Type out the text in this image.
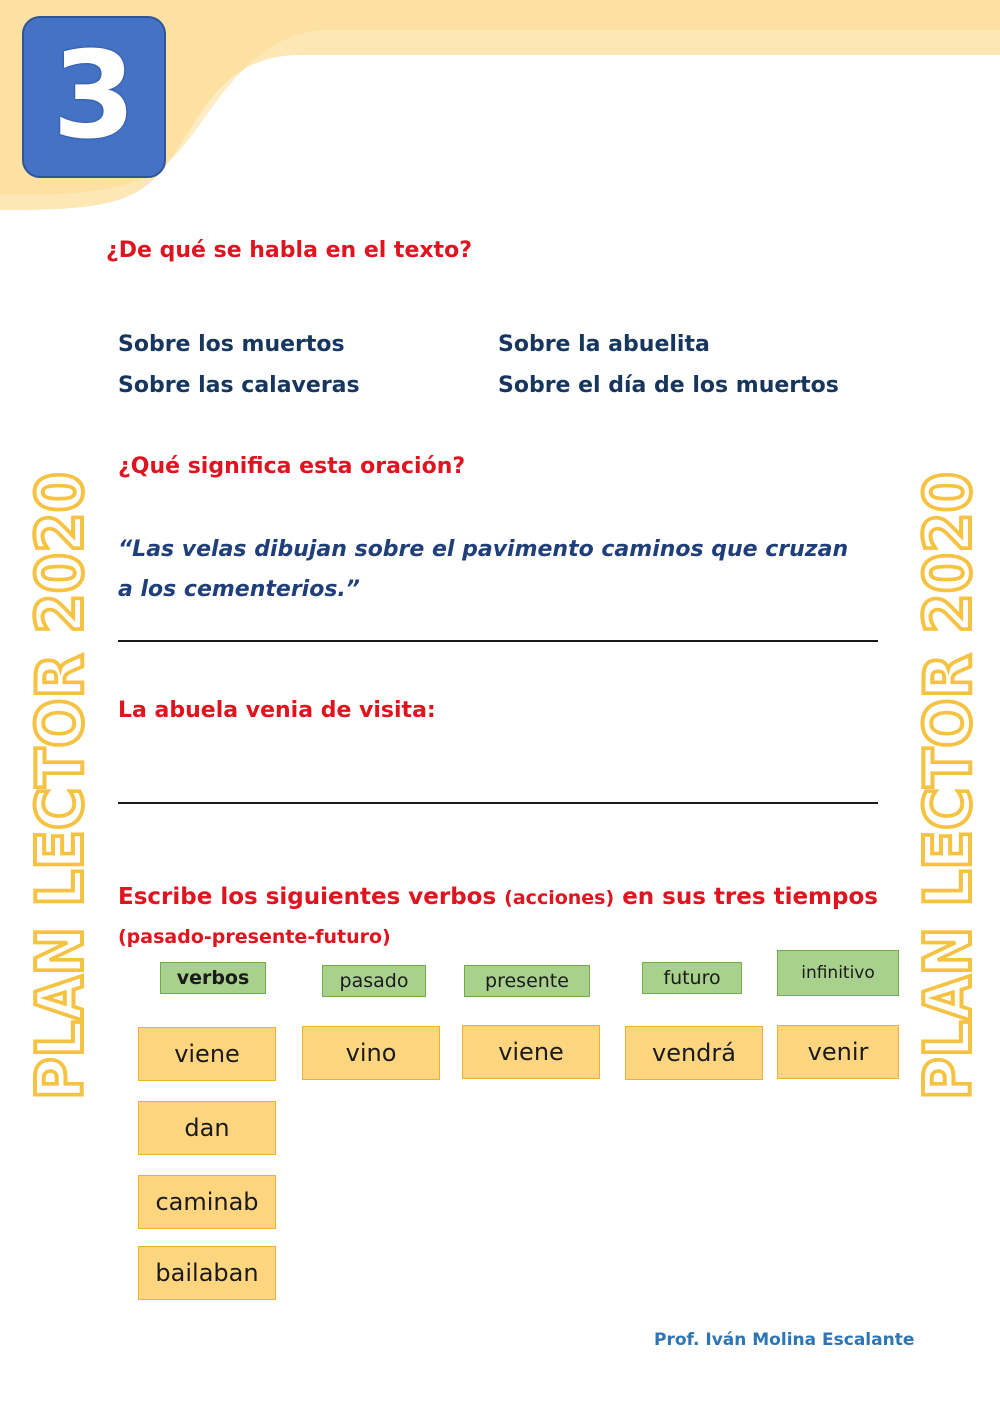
3
¿De qué se habla en el texto?
Sobre los muertos	Sobre la abuelita
Sobre las calaveras	Sobre el día de los muertos
¿Qué significa esta oración?
“Las velas dibujan sobre el pavimento caminos que cruzan
a los cementerios.”
La abuela venia de visita:
Escribe los siguientes verbos (acciones) en sus tres tiempos
(pasado-presente-futuro)
verbos	pasado	presente	futuro	infinitivo
viene	vino	viene	vendrá	venir
dan
caminab
bailaban
PLAN LECTOR 2020	PLAN LECTOR 2020
Prof. Iván Molina Escalante
